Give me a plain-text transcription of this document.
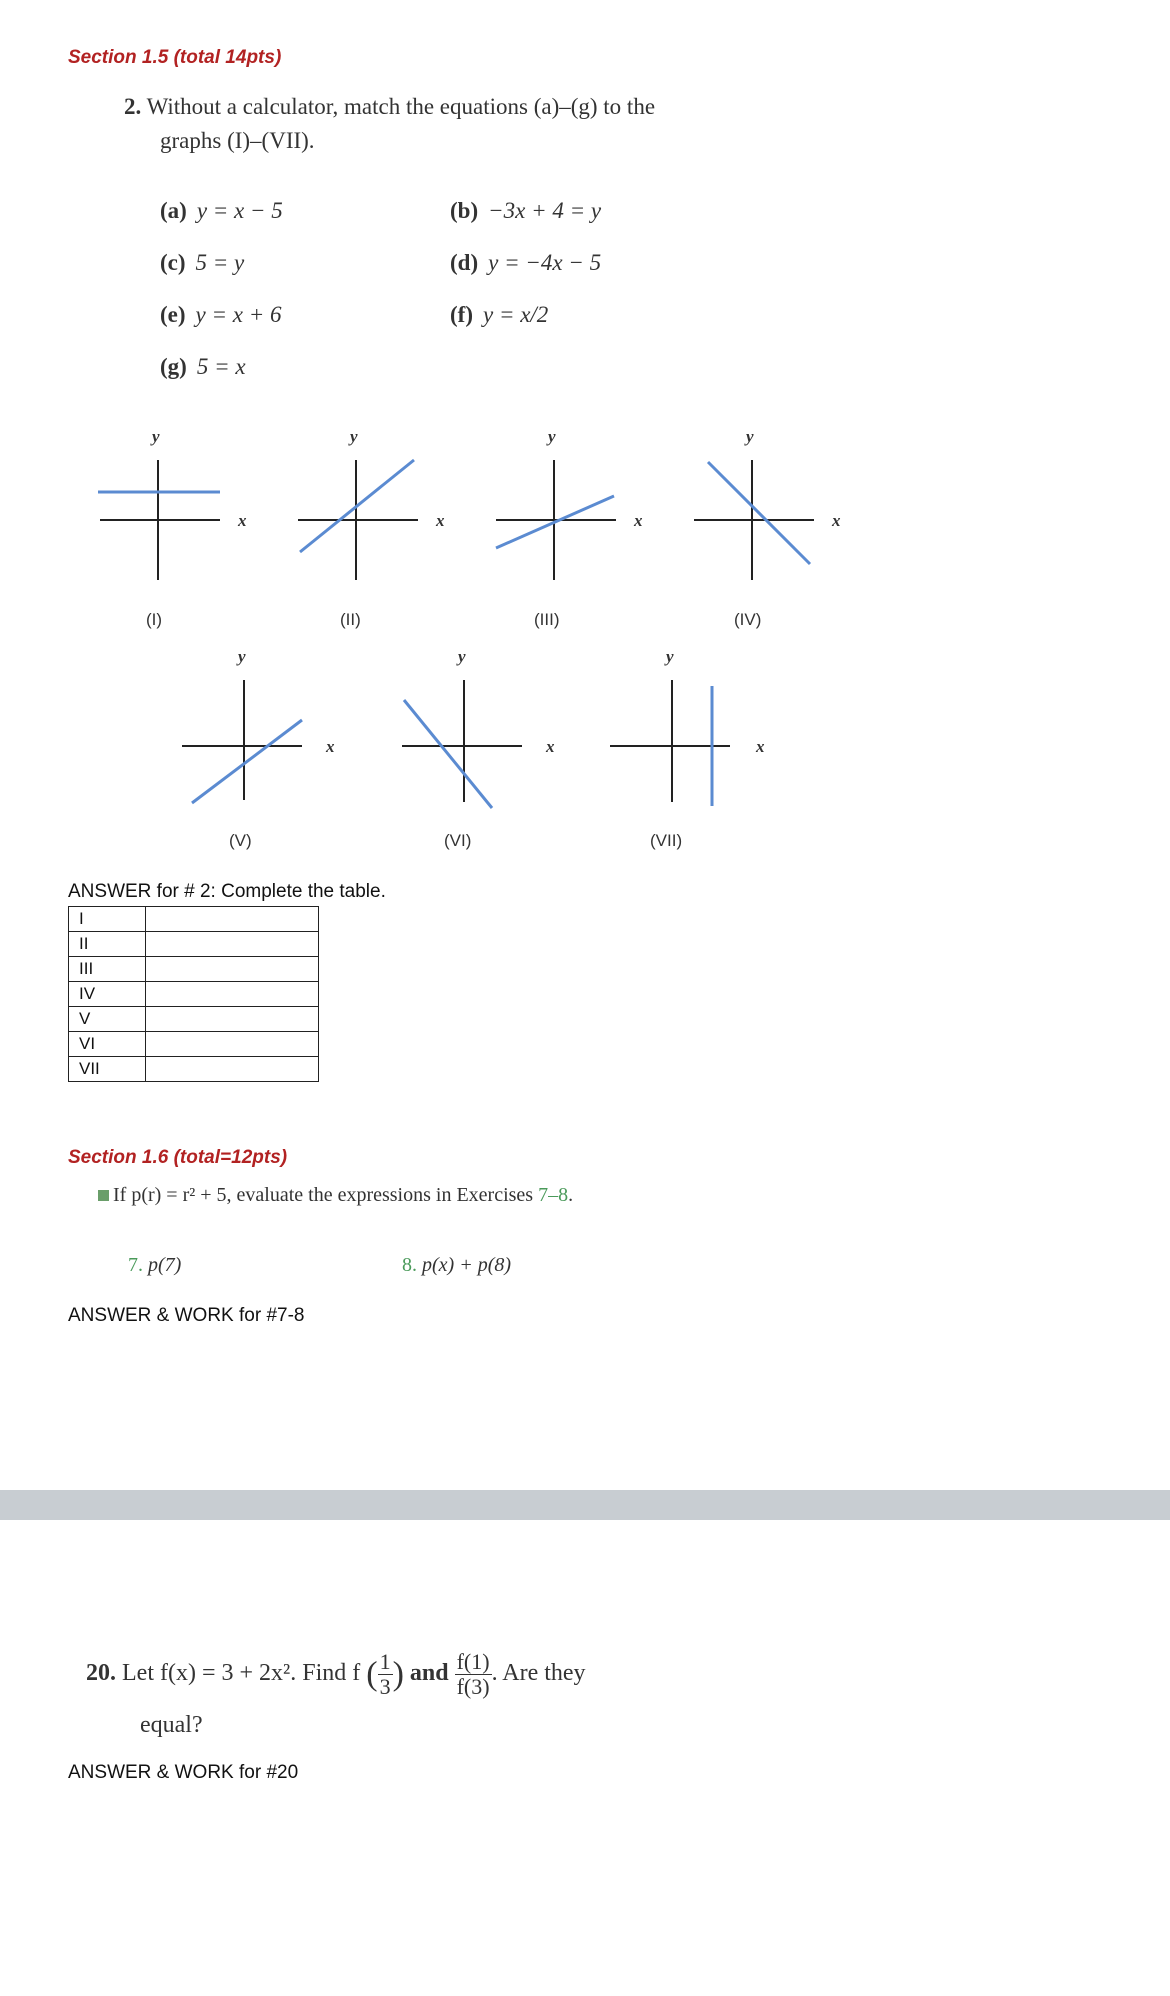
Section 1.5 (total 14pts)
2. Without a calculator, match the equations (a)–(g) to the
graphs (I)–(VII).
(a) y = x − 5	(b) −3x + 4 = y
(c) 5 = y	(d) y = −4x − 5
(e) y = x + 6	(f) y = x/2
(g) 5 = x
y
x
(I)
y
x
(II)
y
x
(III)
y
x
(IV)
y
x
(V)
y
x
(VI)
y
x
(VII)
ANSWER for # 2: Complete the table.
I	
II	
III	
IV	
V	
VI	
VII	
Section 1.6 (total=12pts)
If p(r) = r² + 5, evaluate the expressions in Exercises 7–8.
7. p(7)	8. p(x) + p(8)
ANSWER & WORK for #7-8
20. Let f(x) = 3 + 2x². Find f ( $\frac{1}{3}$ ) and $\frac{f(1)}{f(3)}$ . Are they
equal?
ANSWER & WORK for #20
